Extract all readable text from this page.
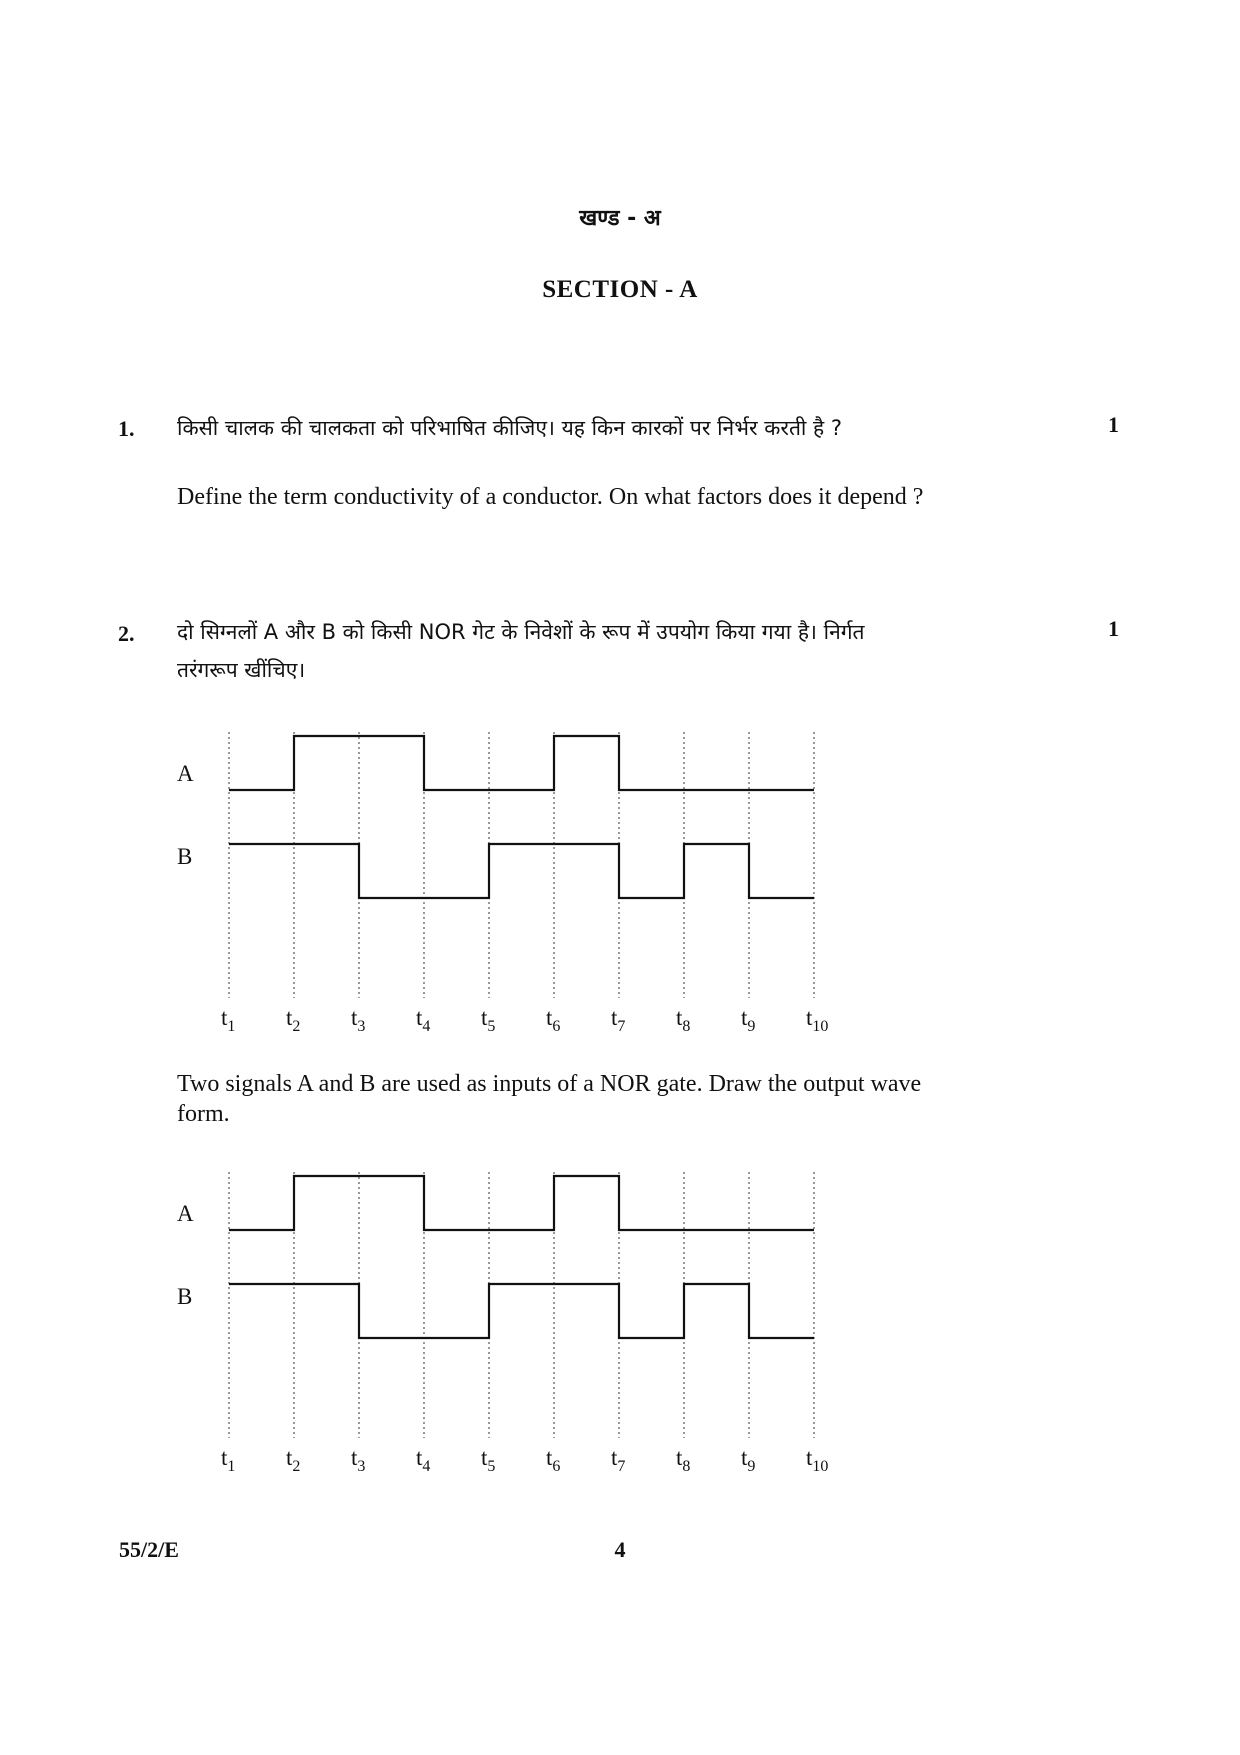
खण्ड - अ
SECTION - A
1. किसी चालक की चालकता को परिभाषित कीजिए। यह किन कारकों पर निर्भर करती है ?	1
Define the term conductivity of a conductor. On what factors does it depend ?
2. दो सिग्नलों A और B को किसी NOR गेट के निवेशों के रूप में उपयोग किया गया है। निर्गत
तरंगरूप खींचिए।
1
A
B
$t_1$ $t_2$ $t_3$ $t_4$ $t_5$ $t_6$ $t_7$ $t_8$ $t_9$ $t_{10}$
Two signals A and B are used as inputs of a NOR gate. Draw the output wave
form.
A
B
$t_1$ $t_2$ $t_3$ $t_4$ $t_5$ $t_6$ $t_7$ $t_8$ $t_9$ $t_{10}$
55/2/E	4
